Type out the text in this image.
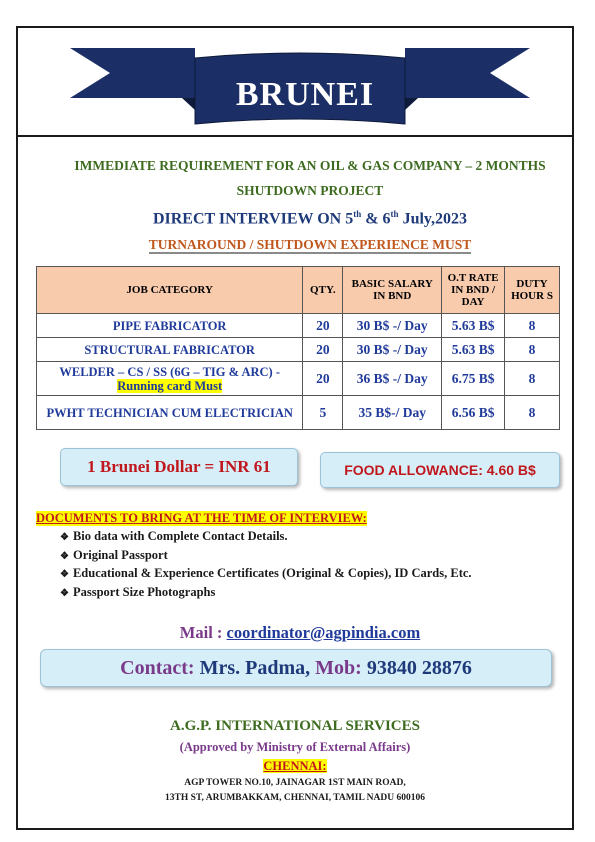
BRUNEI
IMMEDIATE REQUIREMENT FOR AN OIL & GAS COMPANY – 2 MONTHS
SHUTDOWN PROJECT
DIRECT INTERVIEW ON 5th & 6th July,2023
TURNAROUND / SHUTDOWN EXPERIENCE MUST
JOB CATEGORY	QTY.	BASIC SALARY IN BND	O.T RATE IN BND / DAY	DUTY HOUR S
PIPE FABRICATOR	20	30 B$ -/ Day	5.63 B$	8
STRUCTURAL FABRICATOR	20	30 B$ -/ Day	5.63 B$	8
WELDER – CS / SS (6G – TIG & ARC) -
Running card Must	20	36 B$ -/ Day	6.75 B$	8
PWHT TECHNICIAN CUM ELECTRICIAN	5	35 B$-/ Day	6.56 B$	8
1 Brunei Dollar = INR 61	FOOD ALLOWANCE: 4.60 B$
DOCUMENTS TO BRING AT THE TIME OF INTERVIEW:
❖ Bio data with Complete Contact Details.
❖ Original Passport
❖ Educational & Experience Certificates (Original & Copies), ID Cards, Etc.
❖ Passport Size Photographs
Mail : coordinator@agpindia.com
Contact: Mrs. Padma, Mob: 93840 28876
A.G.P. INTERNATIONAL SERVICES
(Approved by Ministry of External Affairs)
CHENNAI:
AGP TOWER NO.10, JAINAGAR 1ST MAIN ROAD,
13TH ST, ARUMBAKKAM, CHENNAI, TAMIL NADU 600106
